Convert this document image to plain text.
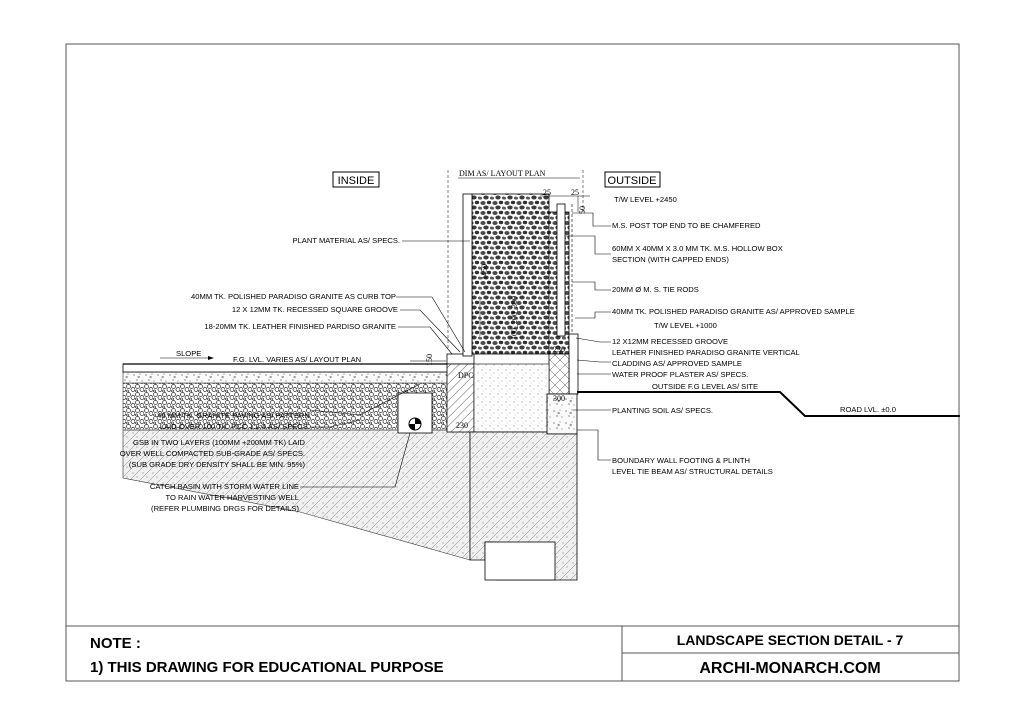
INSIDE	OUTSIDE
DIM AS/ LAYOUT PLAN
25	25
50
1450
100_200_300
230
150
DPC
300
230
PLANT MATERIAL AS/ SPECS.
40MM TK. POLISHED PARADISO GRANITE AS CURB TOP
12 X 12MM TK. RECESSED SQUARE GROOVE
18-20MM TK. LEATHER FINISHED PARDISO GRANITE
SLOPE
F.G. LVL. VARIES AS/ LAYOUT PLAN
40 MM TK. GRANITE PAVING AS/ PATTERN
LAID OVER 100 TK. PCC 1:2:4 AS/ SPECS.
GSB IN TWO LAYERS (100MM +200MM TK) LAID
OVER WELL COMPACTED SUB-GRADE AS/ SPECS.
(SUB GRADE DRY DENSITY SHALL BE MIN. 95%)
CATCH BASIN WITH STORM WATER LINE
TO RAIN WATER HARVESTING WELL
(REFER PLUMBING DRGS FOR DETAILS)
T/W LEVEL +2450
M.S. POST TOP END TO BE CHAMFERED
60MM X 40MM X 3.0 MM TK. M.S. HOLLOW BOX
SECTION (WITH CAPPED ENDS)
20MM Ø M. S. TIE RODS
40MM TK. POLISHED PARADISO GRANITE AS/ APPROVED SAMPLE
T/W LEVEL +1000
12 X12MM RECESSED GROOVE
LEATHER FINISHED PARADISO GRANITE VERTICAL
CLADDING AS/ APPROVED SAMPLE
WATER PROOF PLASTER AS/ SPECS.
OUTSIDE F.G LEVEL AS/ SITE
ROAD LVL. ±0.0
PLANTING SOIL AS/ SPECS.
BOUNDARY WALL FOOTING & PLINTH
LEVEL TIE BEAM AS/ STRUCTURAL DETAILS
NOTE :
1) THIS DRAWING FOR EDUCATIONAL PURPOSE
LANDSCAPE SECTION DETAIL - 7
ARCHI-MONARCH.COM
